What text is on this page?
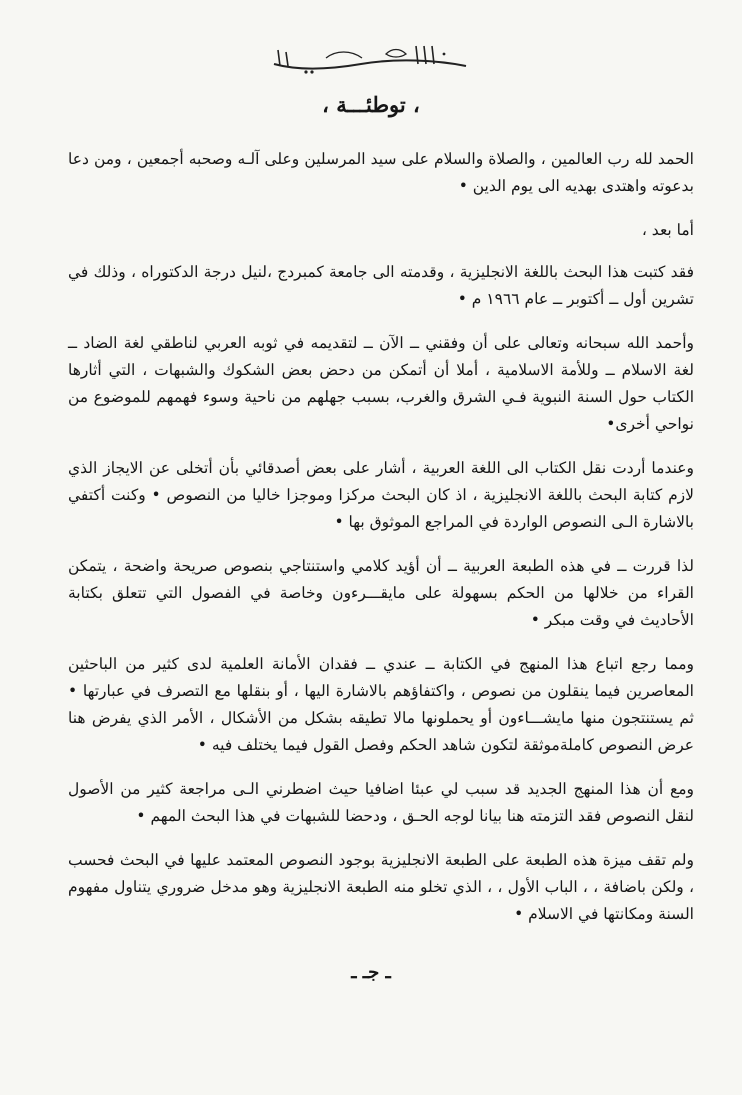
، توطئـــة ،

الحمد لله رب العالمين ، والصلاة والسلام على سيد المرسلين وعلى آلـه وصحبه أجمعين ، ومن دعا بدعوته واهتدى بهديه الى يوم الدين •

أما بعد ،

فقد كتبت هذا البحث باللغة الانجليزية ، وقدمته الى جامعة كمبردج ،لنيل درجة الدكتوراه ، وذلك في تشرين أول ــ أكتوبر ــ عام ١٩٦٦ م •

وأحمد الله سبحانه وتعالى على أن وفقني ــ الآن ــ لتقديمه في ثوبه العربي لناطقي لغة الضاد ــ لغة الاسلام ــ وللأمة الاسلامية ، أملا أن أتمكن من دحض بعض الشكوك والشبهات ، التي أثارها الكتاب حول السنة النبوية فـي الشرق والغرب، بسبب جهلهم من ناحية وسوء فهمهم للموضوع من نواحي أخرى•

وعندما أردت نقل الكتاب الى اللغة العربية ، أشار على بعض أصدقائي بأن أتخلى عن الايجاز الذي لازم كتابة البحث باللغة الانجليزية ، اذ كان البحث مركزا وموجزا خاليا من النصوص • وكنت أكتفي بالاشارة الـى النصوص الواردة في المراجع الموثوق بها •

لذا قررت ــ في هذه الطبعة العربية ــ أن أؤيد كلامي واستنتاجي بنصوص صريحة واضحة ، يتمكن القراء من خلالها من الحكم بسهولة على مايقـــرءون وخاصة في الفصول التي تتعلق بكتابة الأحاديث في وقت مبكر •

ومما رجع اتباع هذا المنهج في الكتابة ــ عندي ــ فقدان الأمانة العلمية لدى كثير من الباحثين المعاصرين فيما ينقلون من نصوص ، واكتفاؤهم بالاشارة اليها ، أو بنقلها مع التصرف في عبارتها • ثم يستنتجون منها مايشـــاءون أو يحملونها مالا تطيقه بشكل من الأشكال ، الأمر الذي يفرض هنا عرض النصوص كاملةموثقة لتكون شاهد الحكم وفصل القول فيما يختلف فيه •

ومع أن هذا المنهج الجديد قد سبب لي عبئا اضافيا حيث اضطرني الـى مراجعة كثير من الأصول لنقل النصوص فقد التزمته هنا بيانا لوجه الحـق ، ودحضا للشبهات في هذا البحث المهم •

ولم تقف ميزة هذه الطبعة على الطبعة الانجليزية بوجود النصوص المعتمد عليها في البحث فحسب ، ولكن باضافة ، ، الباب الأول ، ، الذي تخلو منه الطبعة الانجليزية وهو مدخل ضروري يتناول مفهوم السنة ومكانتها في الاسلام •

ـ جـ ـ
